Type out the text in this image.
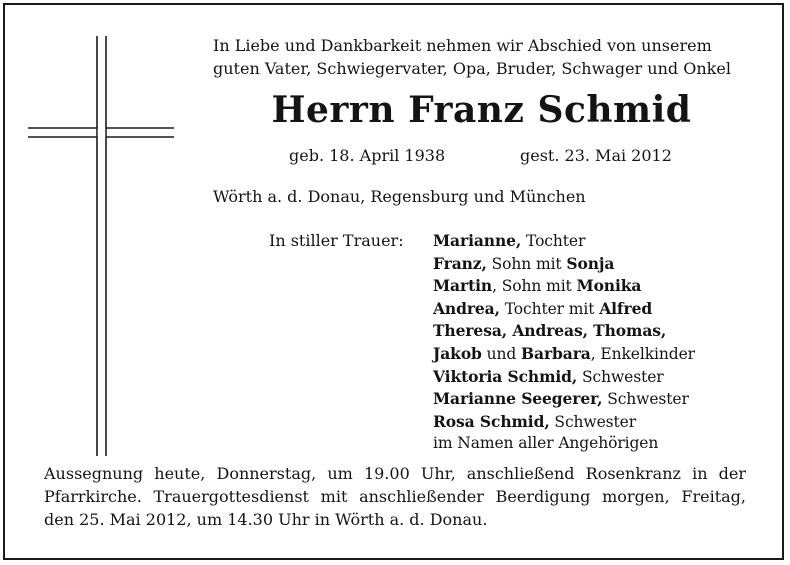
In Liebe und Dankbarkeit nehmen wir Abschied von unserem
guten Vater, Schwiegervater, Opa, Bruder, Schwager und Onkel
Herrn Franz Schmid
geb. 18. April 1938	gest. 23. Mai 2012
Wörth a. d. Donau, Regensburg und München
In stiller Trauer: Marianne, Tochter
Franz, Sohn mit Sonja
Martin, Sohn mit Monika
Andrea, Tochter mit Alfred
Theresa, Andreas, Thomas,
Jakob und Barbara, Enkelkinder
Viktoria Schmid, Schwester
Marianne Seegerer, Schwester
Rosa Schmid, Schwester
im Namen aller Angehörigen
Aussegnung heute, Donnerstag, um 19.00 Uhr, anschließend Rosenkranz in der
Pfarrkirche. Trauergottesdienst mit anschließender Beerdigung morgen, Freitag,
den 25. Mai 2012, um 14.30 Uhr in Wörth a. d. Donau.
